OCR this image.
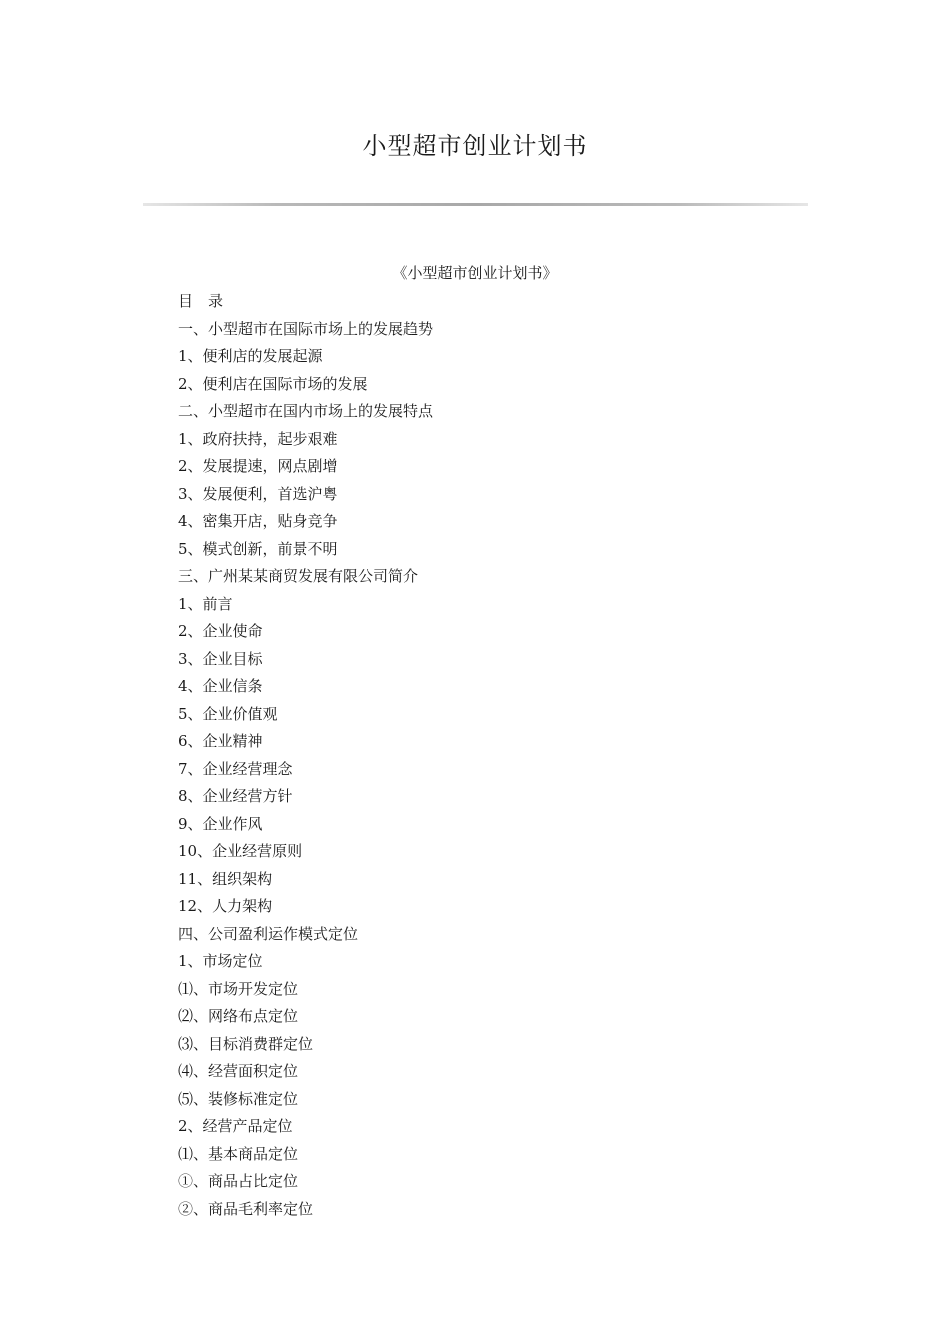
小型超市创业计划书
《小型超市创业计划书》
目　录
一、小型超市在国际市场上的发展趋势
1、便利店的发展起源
2、便利店在国际市场的发展
二、小型超市在国内市场上的发展特点
1、政府扶持，起步艰难
2、发展提速，网点剧增
3、发展便利，首选沪粤
4、密集开店，贴身竞争
5、模式创新，前景不明
三、广州某某商贸发展有限公司简介
1、前言
2、企业使命
3、企业目标
4、企业信条
5、企业价值观
6、企业精神
7、企业经营理念
8、企业经营方针
9、企业作风
10、企业经营原则
11、组织架构
12、人力架构
四、公司盈利运作模式定位
1、市场定位
⑴、市场开发定位
⑵、网络布点定位
⑶、目标消费群定位
⑷、经营面积定位
⑸、装修标准定位
2、经营产品定位
⑴、基本商品定位
①、商品占比定位
②、商品毛利率定位
